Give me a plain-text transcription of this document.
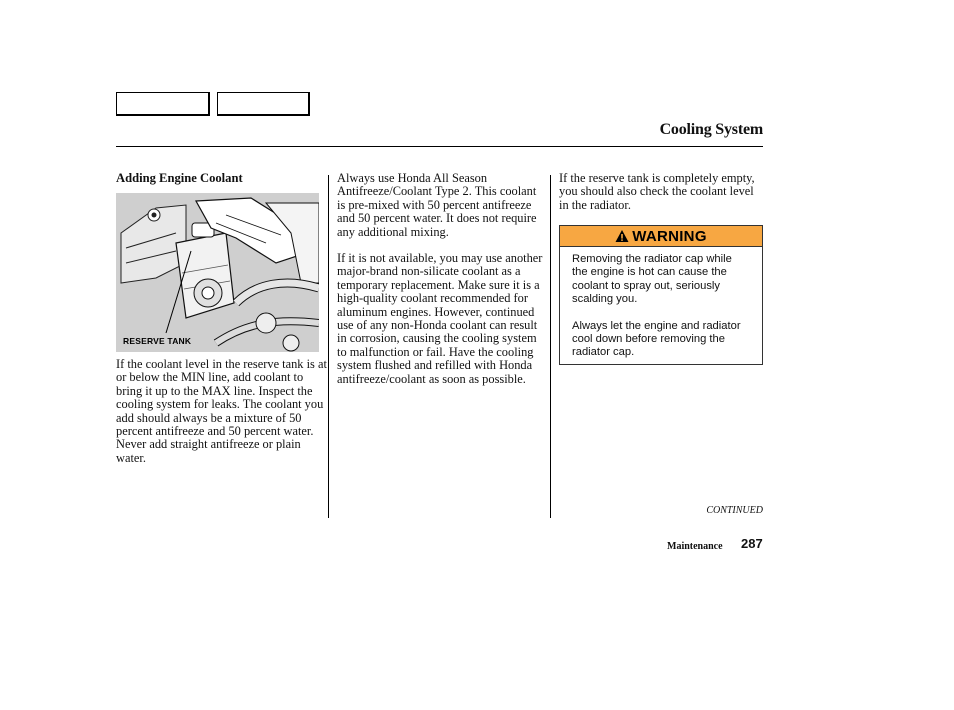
Cooling System
Adding Engine Coolant
RESERVE TANK

If the coolant level in the reserve tank is at or below the MIN line, add coolant to bring it up to the MAX line. Inspect the cooling system for leaks. The coolant you add should always be a mixture of 50 percent antifreeze and 50 percent water. Never add straight antifreeze or plain water.

Always use Honda All Season Antifreeze/Coolant Type 2. This coolant is pre-mixed with 50 percent antifreeze and 50 percent water. It does not require any additional mixing.

If it is not available, you may use another major-brand non-silicate coolant as a temporary replacement. Make sure it is a high-quality coolant recommended for aluminum engines. However, continued use of any non-Honda coolant can result in corrosion, causing the cooling system to malfunction or fail. Have the cooling system flushed and refilled with Honda antifreeze/coolant as soon as possible.

If the reserve tank is completely empty, you should also check the coolant level in the radiator.

WARNING

Removing the radiator cap while the engine is hot can cause the coolant to spray out, seriously scalding you.

Always let the engine and radiator cool down before removing the radiator cap.

CONTINUED
Maintenance 287
